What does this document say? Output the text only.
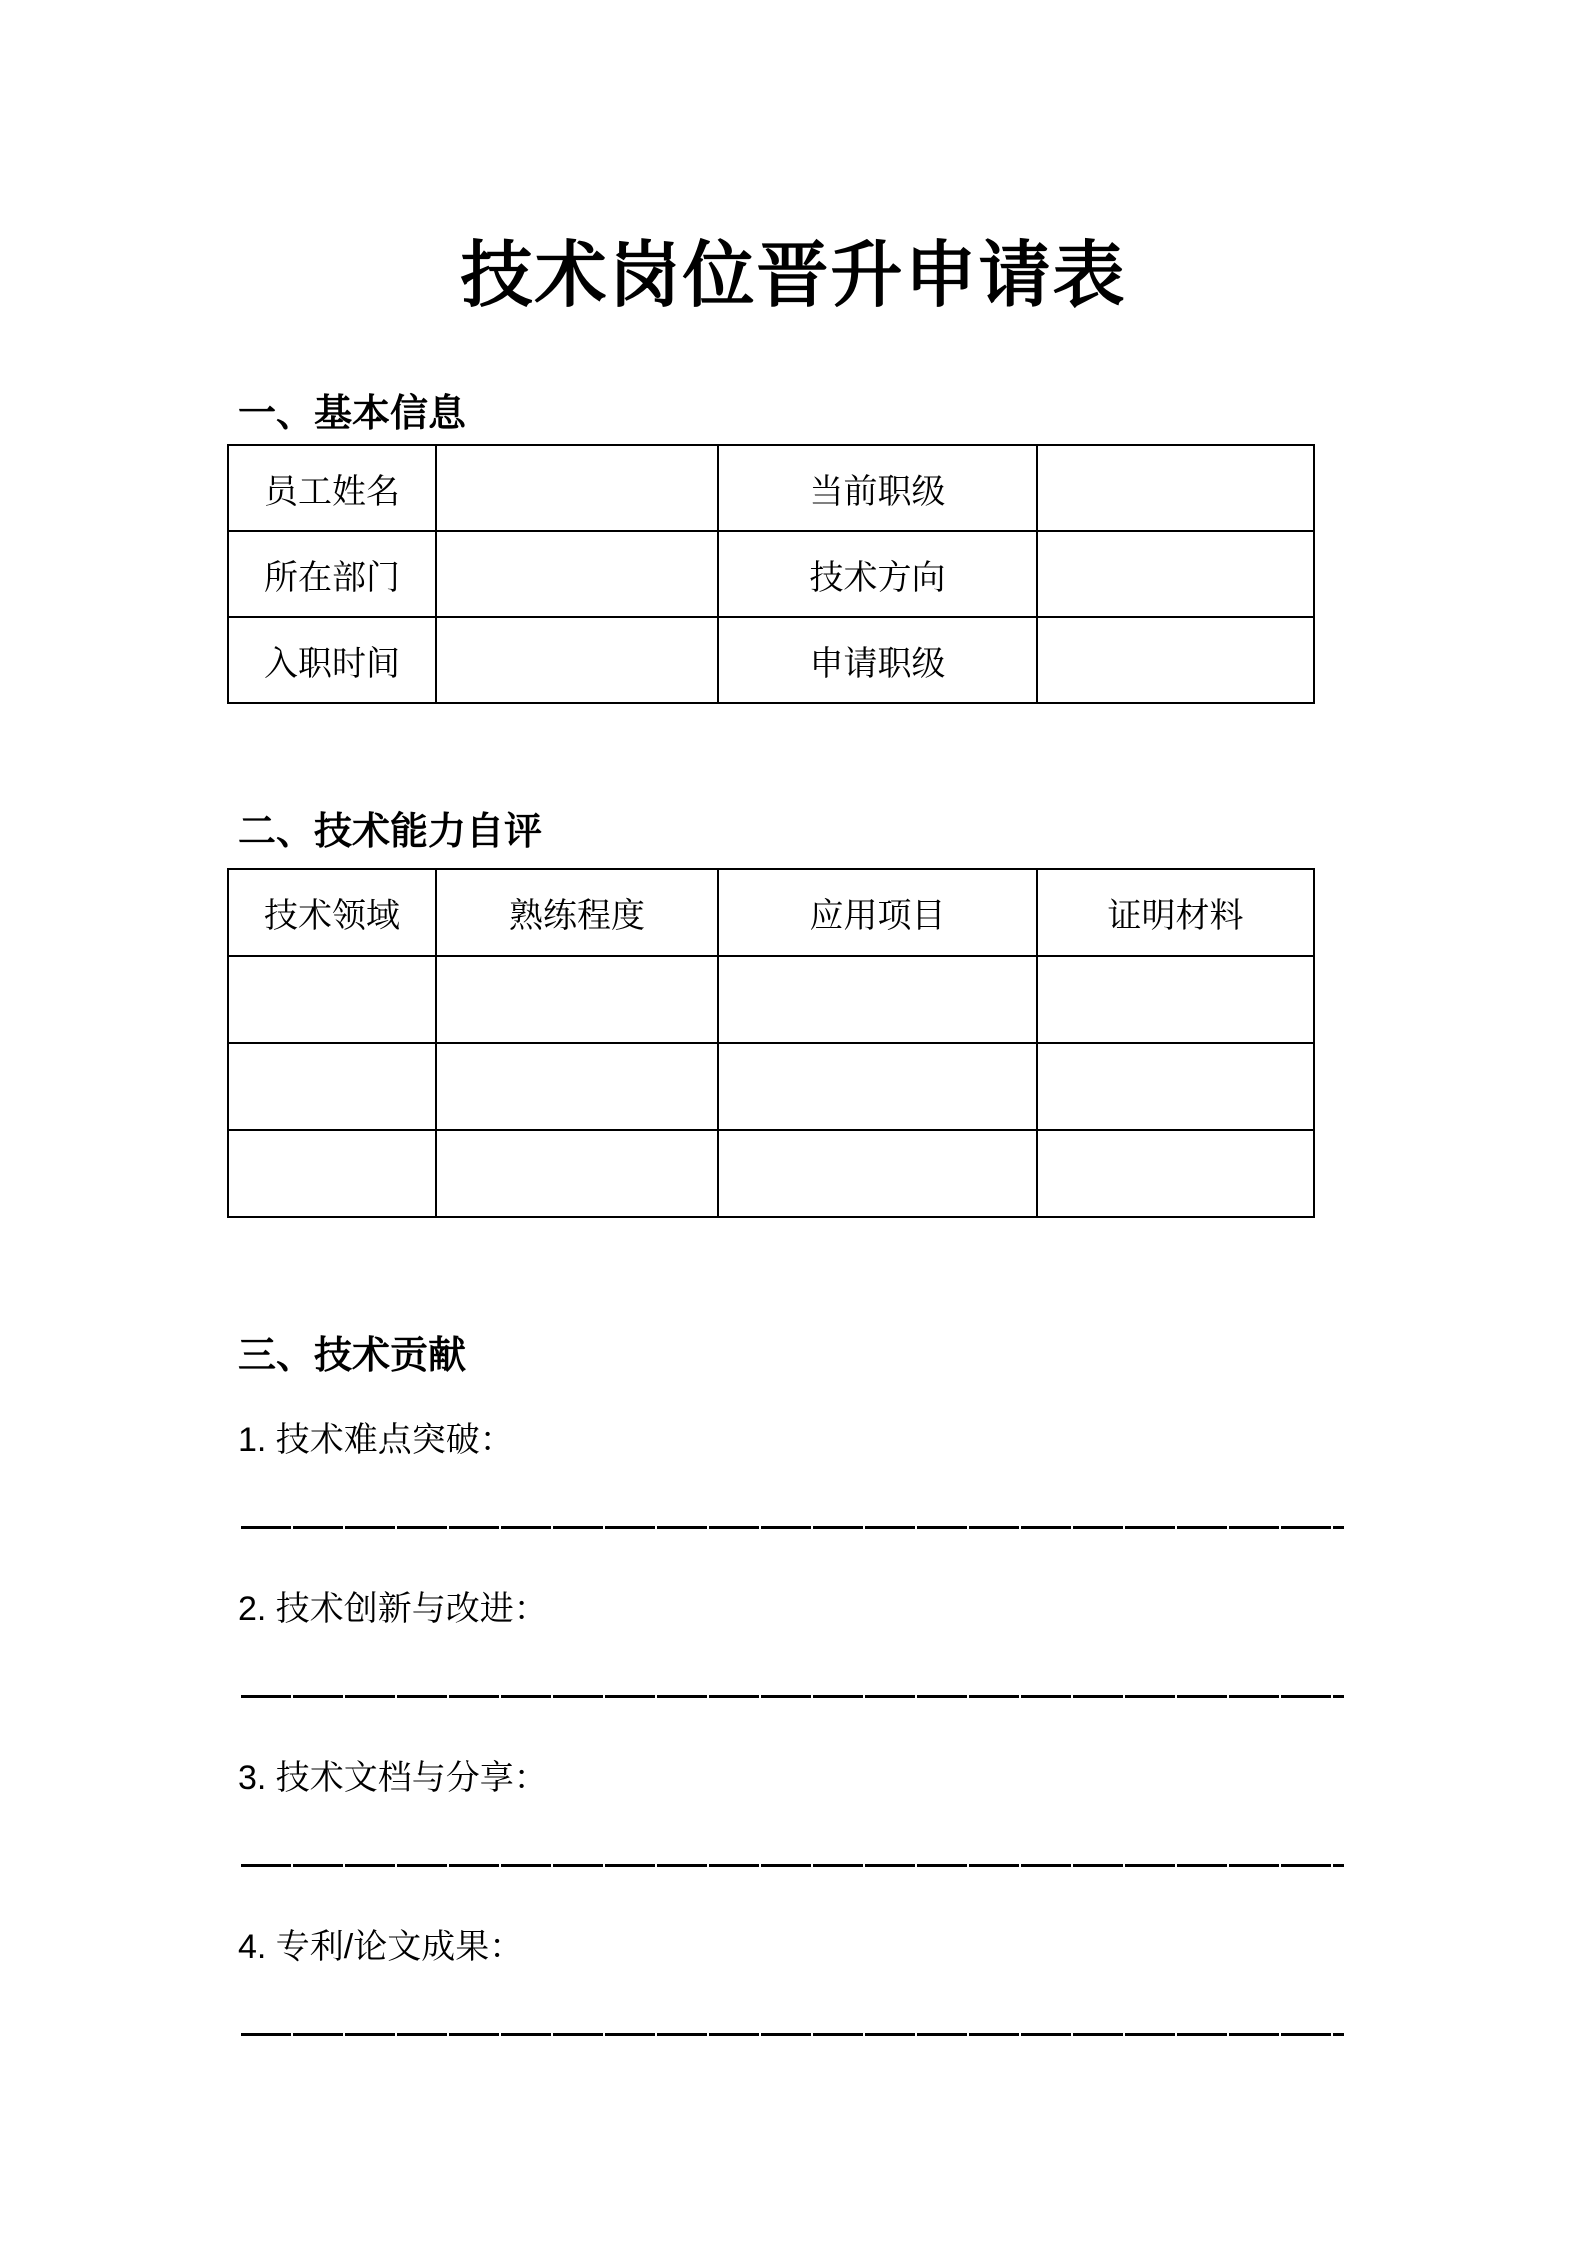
技术岗位晋升申请表
一、基本信息
员工姓名		当前职级	
所在部门		技术方向	
入职时间		申请职级	
二、技术能力自评
技术领域	熟练程度	应用项目	证明材料

三、技术贡献
1. 技术难点突破：
2. 技术创新与改进：
3. 技术文档与分享：
4. 专利/论文成果：
